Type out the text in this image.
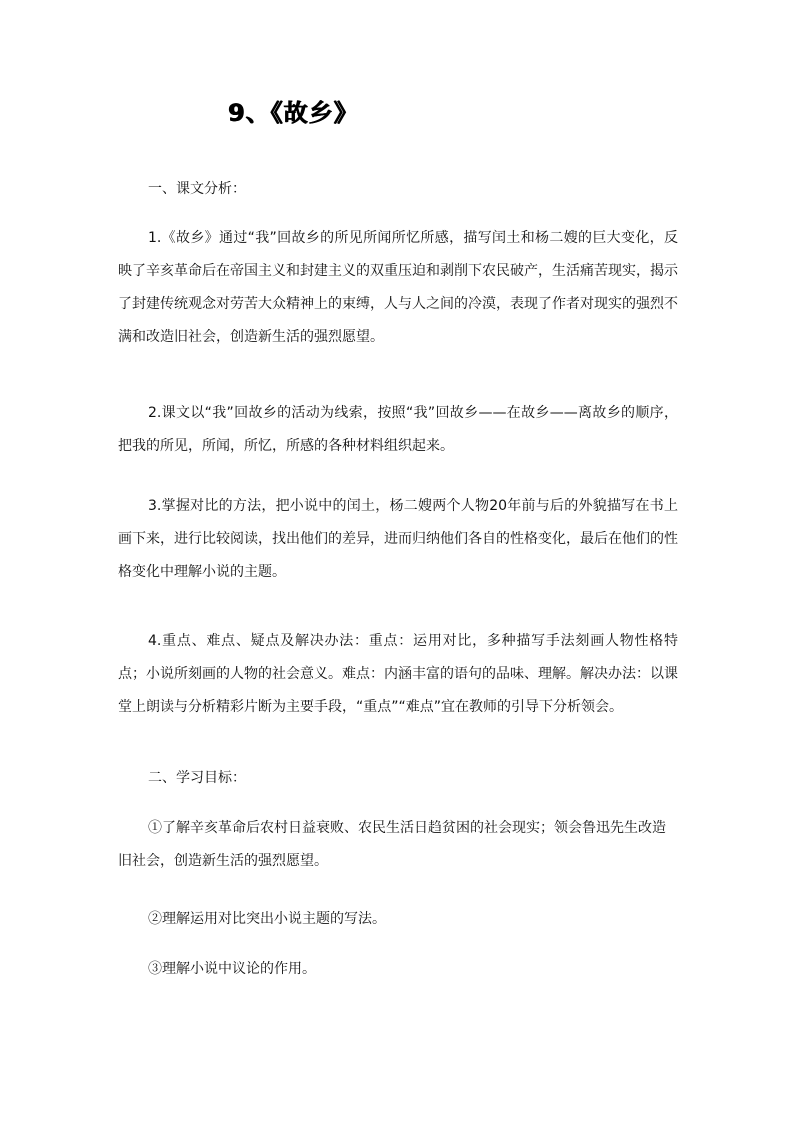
9、《故乡》
一、课文分析：

1.《故乡》通过“我”回故乡的所见所闻所忆所感，描写闰土和杨二嫂的巨大变化，反映了辛亥革命后在帝国主义和封建主义的双重压迫和剥削下农民破产，生活痛苦现实，揭示了封建传统观念对劳苦大众精神上的束缚，人与人之间的冷漠，表现了作者对现实的强烈不满和改造旧社会，创造新生活的强烈愿望。

2.课文以“我”回故乡的活动为线索，按照“我”回故乡——在故乡——离故乡的顺序，把我的所见，所闻，所忆，所感的各种材料组织起来。

3.掌握对比的方法，把小说中的闰土，杨二嫂两个人物20年前与后的外貌描写在书上画下来，进行比较阅读，找出他们的差异，进而归纳他们各自的性格变化，最后在他们的性格变化中理解小说的主题。

4.重点、难点、疑点及解决办法：重点：运用对比，多种描写手法刻画人物性格特点；小说所刻画的人物的社会意义。难点：内涵丰富的语句的品味、理解。解决办法：以课堂上朗读与分析精彩片断为主要手段，“重点”“难点”宜在教师的引导下分析领会。

二、学习目标：

①了解辛亥革命后农村日益衰败、农民生活日趋贫困的社会现实；领会鲁迅先生改造旧社会，创造新生活的强烈愿望。

②理解运用对比突出小说主题的写法。

③理解小说中议论的作用。
